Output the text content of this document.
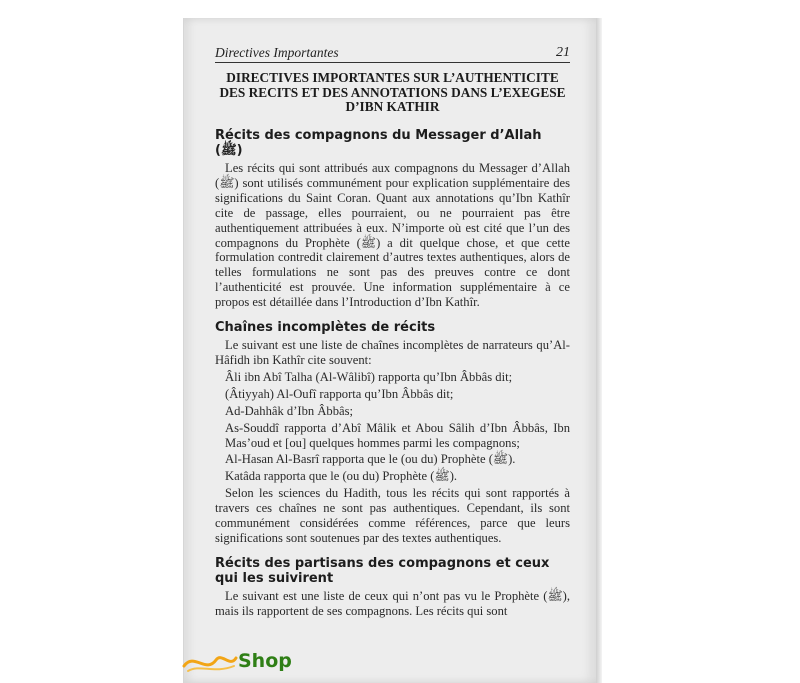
Directives Importantes	21
DIRECTIVES IMPORTANTES SUR L’AUTHENTICITE
DES RECITS ET DES ANNOTATIONS DANS L’EXEGESE
D’IBN KATHIR
Récits des compagnons du Messager d’Allah (ﷺ)

Les récits qui sont attribués aux compagnons du Messager d’Allah (ﷺ) sont utilisés communément pour explication supplémentaire des significations du Saint Coran. Quant aux annotations qu’Ibn Kathîr cite de passage, elles pourraient, ou ne pourraient pas être authentiquement attribuées à eux. N’importe où est cité que l’un des compagnons du Prophète (ﷺ) a dit quelque chose, et que cette formulation contredit clairement d’autres textes authentiques, alors de telles formulations ne sont pas des preuves contre ce dont l’authenticité est prouvée. Une information supplémentaire à ce propos est détaillée dans l’Introduction d’Ibn Kathîr.

Chaînes incomplètes de récits

Le suivant est une liste de chaînes incomplètes de narrateurs qu’Al-Hâfidh ibn Kathîr cite souvent:

Âli ibn Abî Talha (Al-Wâlibî) rapporta qu’Ibn Âbbâs dit;

(Âtiyyah) Al-Oufî rapporta qu’Ibn Âbbâs dit;

Ad-Dahhâk d’Ibn Âbbâs;

As-Souddî rapporta d’Abî Mâlik et Abou Sâlih d’Ibn Âbbâs, Ibn Mas’oud et [ou] quelques hommes parmi les compagnons;

Al-Hasan Al-Basrî rapporta que le (ou du) Prophète (ﷺ).

Katâda rapporta que le (ou du) Prophète (ﷺ).

Selon les sciences du Hadith, tous les récits qui sont rapportés à travers ces chaînes ne sont pas authentiques. Cependant, ils sont communément considérées comme références, parce que leurs significations sont soutenues par des textes authentiques.

Récits des partisans des compagnons et ceux qui les suivirent

Le suivant est une liste de ceux qui n’ont pas vu le Prophète (ﷺ), mais ils rapportent de ses compagnons. Les récits qui sont

Shop
